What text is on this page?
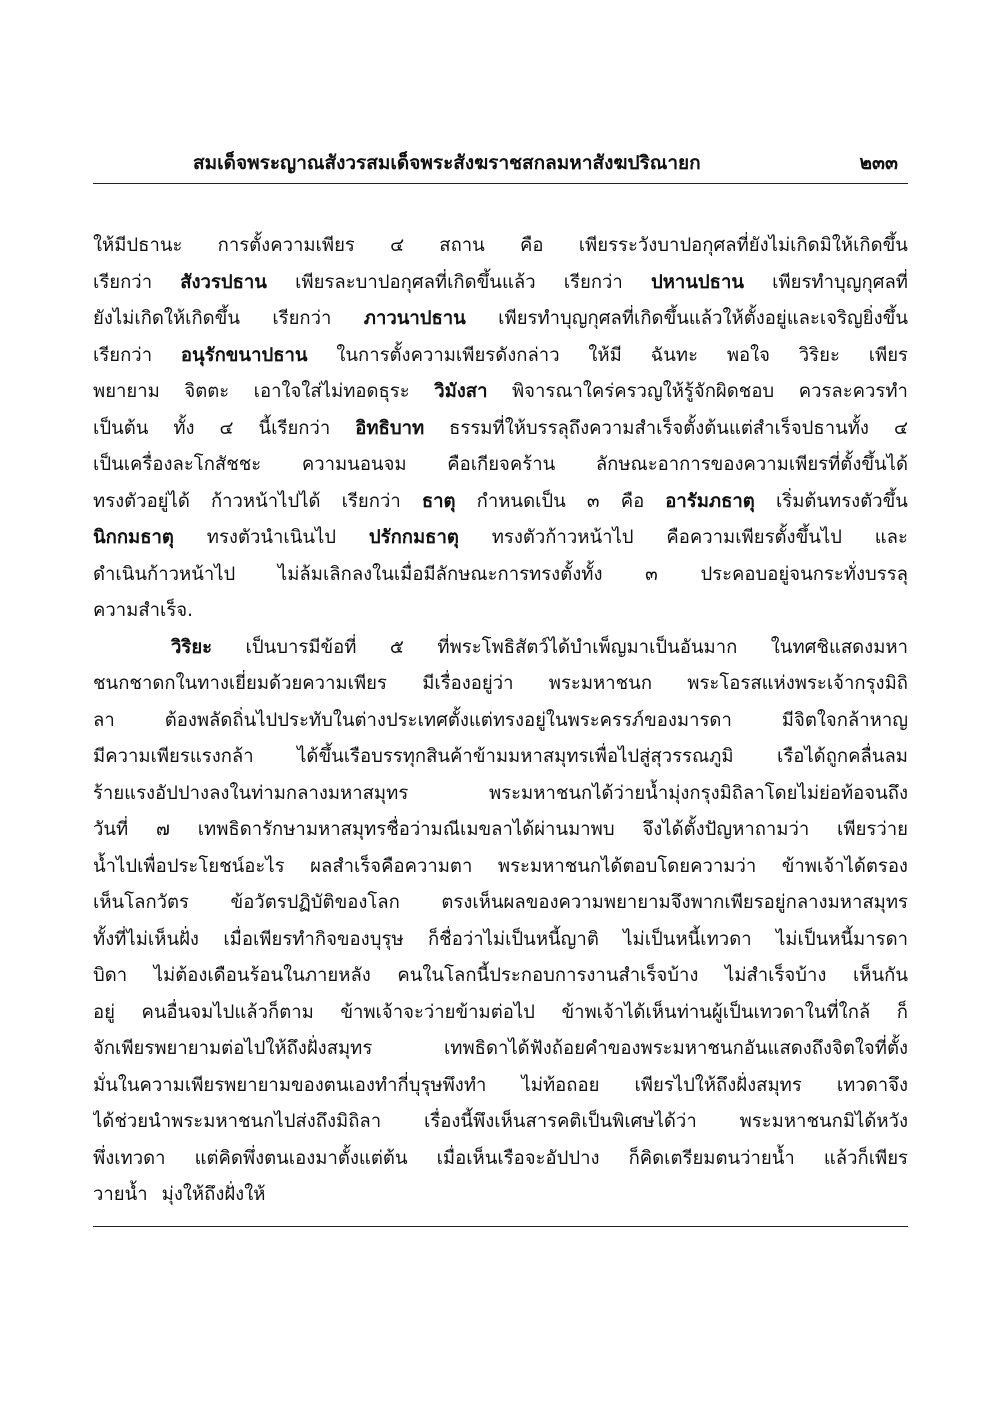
สมเด็จพระญาณสังวรสมเด็จพระสังฆราชสกลมหาสังฆปริณายก	๒๓๓
ให้มีปธานะ การตั้งความเพียร ๔ สถาน คือ เพียรระวังบาปอกุศลที่ยังไม่เกิดมิให้เกิดขึ้น
เรียกว่า สังวรปธาน เพียรละบาปอกุศลที่เกิดขึ้นแล้ว เรียกว่า ปหานปธาน เพียรทำบุญกุศลที่
ยังไม่เกิดให้เกิดขึ้น เรียกว่า ภาวนาปธาน เพียรทำบุญกุศลที่เกิดขึ้นแล้วให้ตั้งอยู่และเจริญยิ่งขึ้น
เรียกว่า อนุรักขนาปธาน ในการตั้งความเพียรดังกล่าว ให้มี ฉันทะ พอใจ วิริยะ เพียร
พยายาม จิตตะ เอาใจใส่ไม่ทอดธุระ วิมังสา พิจารณาใคร่ครวญให้รู้จักผิดชอบ ควรละควรทำ
เป็นต้น ทั้ง ๔ นี้เรียกว่า อิทธิบาท ธรรมที่ให้บรรลุถึงความสำเร็จตั้งต้นแต่สำเร็จปธานทั้ง ๔
เป็นเครื่องละโกสัชชะ ความนอนจม คือเกียจคร้าน ลักษณะอาการของความเพียรที่ตั้งขึ้นได้
ทรงตัวอยู่ได้ ก้าวหน้าไปได้ เรียกว่า ธาตุ กำหนดเป็น ๓ คือ อารัมภธาตุ เริ่มต้นทรงตัวขึ้น
นิกกมธาตุ ทรงตัวนำเนินไป ปรักกมธาตุ ทรงตัวก้าวหน้าไป คือความเพียรตั้งขึ้นไป และ
ดำเนินก้าวหน้าไป ไม่ล้มเลิกลงในเมื่อมีลักษณะการทรงตั้งทั้ง ๓ ประคอบอยู่จนกระทั่งบรรลุ
ความสำเร็จ.
วิริยะ เป็นบารมีข้อที่ ๕ ที่พระโพธิสัตว์ได้บำเพ็ญมาเป็นอันมาก ในทศชิแสดงมหา
ชนกชาดกในทางเยี่ยมด้วยความเพียร มีเรื่องอยู่ว่า พระมหาชนก พระโอรสแห่งพระเจ้ากรุงมิถิ
ลา	ต้องพลัดถิ่นไปประทับในต่างประเทศตั้งแต่ทรงอยู่ในพระครรภ์ของมารดา	มีจิตใจกล้าหาญ
มีความเพียรแรงกล้า ได้ขึ้นเรือบรรทุกสินค้าข้ามมหาสมุทรเพื่อไปสู่สุวรรณภูมิ เรือได้ถูกคลื่นลม
ร้ายแรงอัปปางลงในท่ามกลางมหาสมุทร	พระมหาชนกได้ว่ายน้ำมุ่งกรุงมิถิลาโดยไม่ย่อท้อจนถึง
วันที่ ๗ เทพธิดารักษามหาสมุทรชื่อว่ามณีเมขลาได้ผ่านมาพบ จึงได้ตั้งปัญหาถามว่า เพียรว่าย
น้ำไปเพื่อประโยชน์อะไร ผลสำเร็จคือความตา พระมหาชนกได้ตอบโดยความว่า ข้าพเจ้าได้ตรอง
เห็นโลกวัตร ข้อวัตรปฏิบัติของโลก ตรงเห็นผลของความพยายามจึงพากเพียรอยู่กลางมหาสมุทร
ทั้งที่ไม่เห็นฝั่ง เมื่อเพียรทำกิจของบุรุษ ก็ชื่อว่าไม่เป็นหนี้ญาติ ไม่เป็นหนี้เทวดา ไม่เป็นหนี้มารดา
บิดา ไม่ต้องเดือนร้อนในภายหลัง คนในโลกนี้ประกอบการงานสำเร็จบ้าง ไม่สำเร็จบ้าง เห็นกัน
อยู่ คนอื่นจมไปแล้วก็ตาม ข้าพเจ้าจะว่ายข้ามต่อไป ข้าพเจ้าได้เห็นท่านผู้เป็นเทวดาในที่ใกล้ ก็
จักเพียรพยายามต่อไปให้ถึงฝั่งสมุทร	เทพธิดาได้ฟังถ้อยคำของพระมหาชนกอันแสดงถึงจิตใจที่ตั้ง
มั่นในความเพียรพยายามของตนเองทำกี่บุรุษพึงทำ ไม่ท้อถอย เพียรไปให้ถึงฝั่งสมุทร เทวดาจึง
ได้ช่วยนำพระมหาชนกไปส่งถึงมิถิลา เรื่องนี้พึงเห็นสารคติเป็นพิเศษได้ว่า พระมหาชนกมิได้หวัง
พึ่งเทวดา แต่คิดพึ่งตนเองมาตั้งแต่ต้น เมื่อเห็นเรือจะอัปปาง ก็คิดเตรียมตนว่ายน้ำ แล้วก็เพียร
วายน้ำ มุ่งให้ถึงฝั่งให้
